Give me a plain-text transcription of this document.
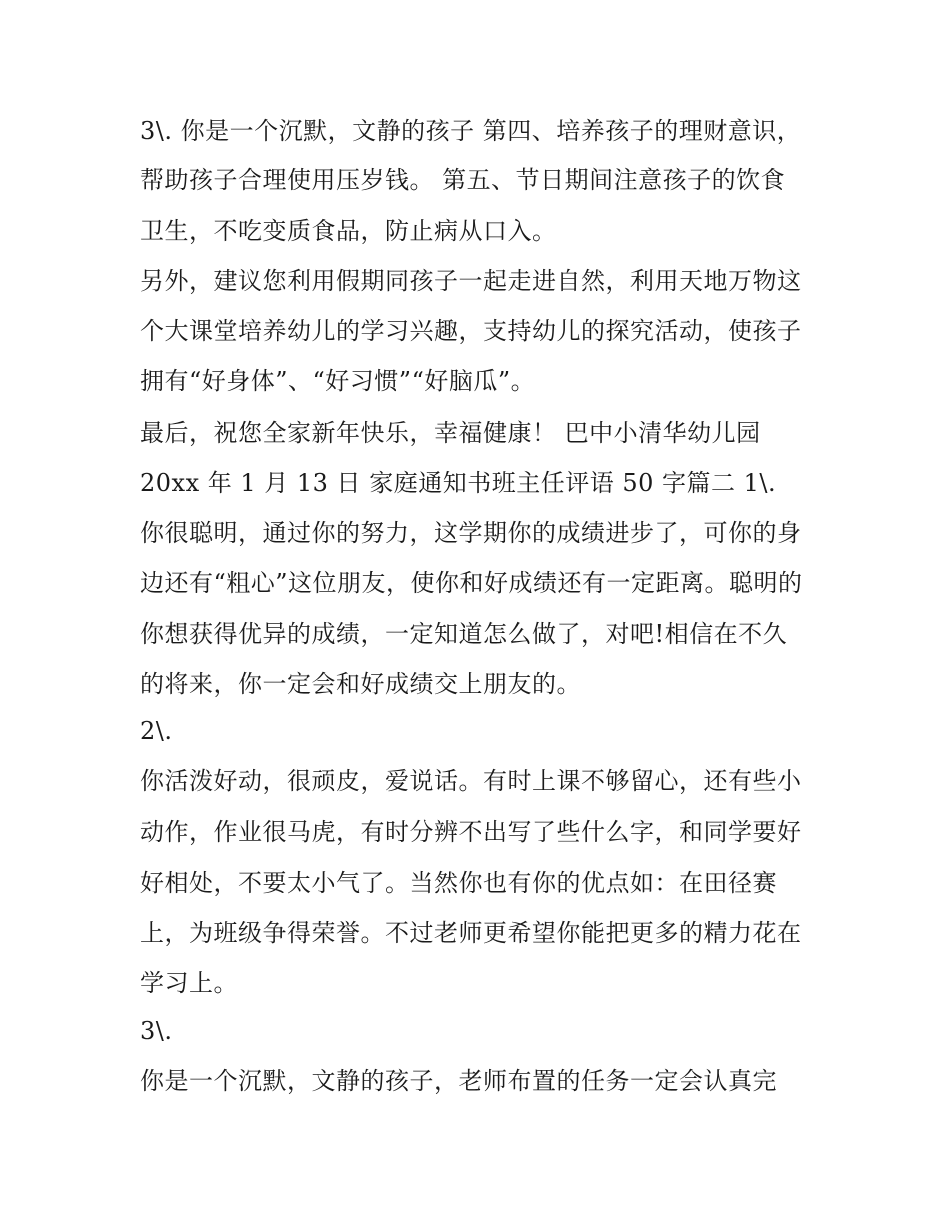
3\. 你是一个沉默，文静的孩子 第四、培养孩子的理财意识，
帮助孩子合理使用压岁钱。 第五、节日期间注意孩子的饮食
卫生，不吃变质食品，防止病从口入。
另外，建议您利用假期同孩子一起走进自然，利用天地万物这
个大课堂培养幼儿的学习兴趣，支持幼儿的探究活动，使孩子
拥有“好身体”、“好习惯”“好脑瓜”。
最后，祝您全家新年快乐，幸福健康！ 巴中小清华幼儿园
20xx 年 1 月 13 日 家庭通知书班主任评语 50 字篇二 1\.
你很聪明，通过你的努力，这学期你的成绩进步了，可你的身
边还有“粗心”这位朋友，使你和好成绩还有一定距离。聪明的
你想获得优异的成绩，一定知道怎么做了，对吧!相信在不久
的将来，你一定会和好成绩交上朋友的。
2\.
你活泼好动，很顽皮，爱说话。有时上课不够留心，还有些小
动作，作业很马虎，有时分辨不出写了些什么字，和同学要好
好相处，不要太小气了。当然你也有你的优点如：在田径赛
上，为班级争得荣誉。不过老师更希望你能把更多的精力花在
学习上。
3\.
你是一个沉默，文静的孩子，老师布置的任务一定会认真完
